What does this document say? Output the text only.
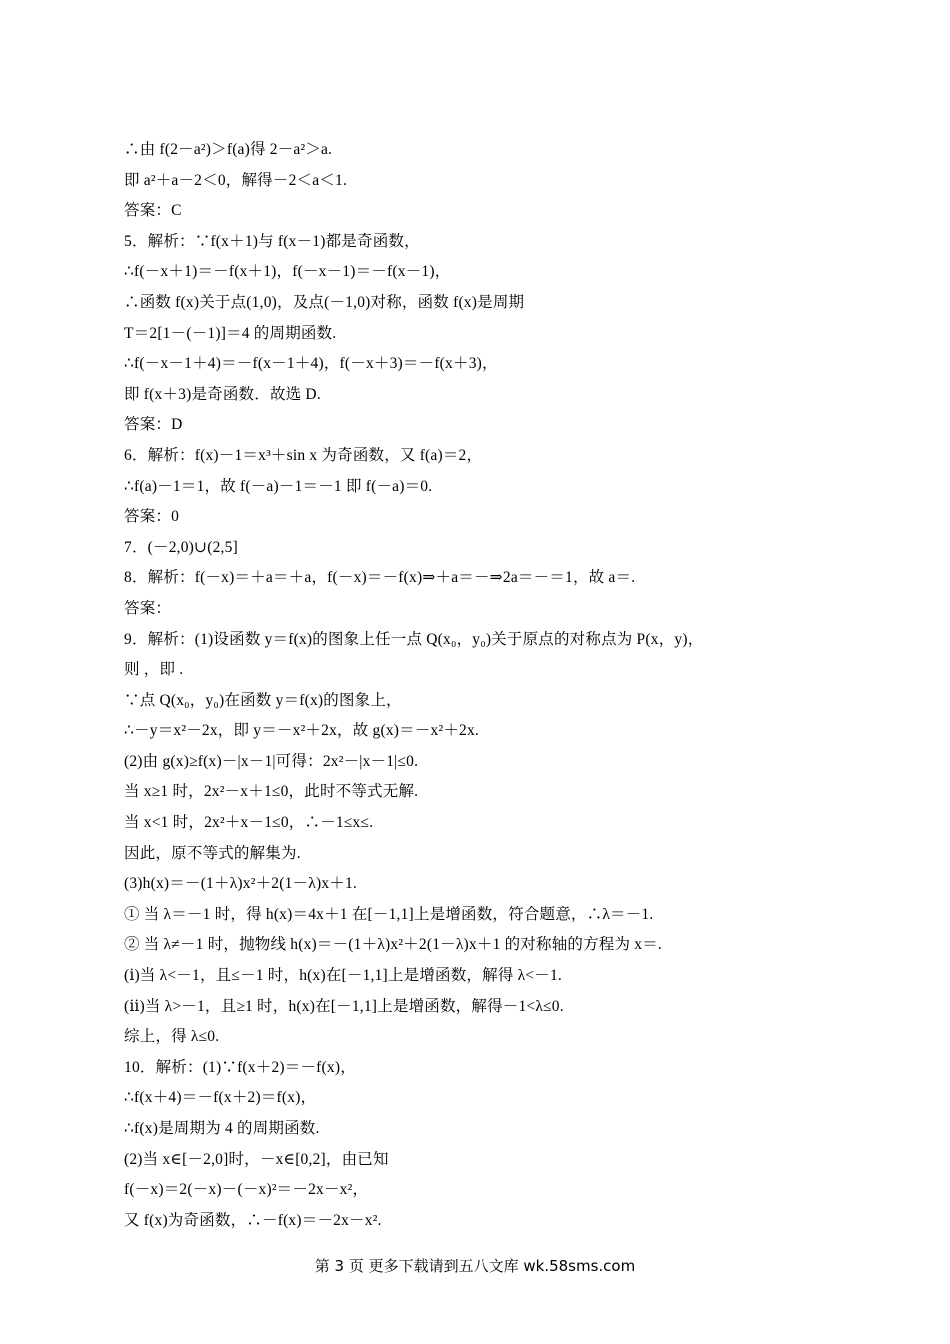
∴由 f(2－a²)＞f(a)得 2－a²＞a.
即 a²＋a－2＜0，解得－2＜a＜1.
答案：C
5．解析：∵f(x＋1)与 f(x－1)都是奇函数，
∴f(－x＋1)＝－f(x＋1)，f(－x－1)＝－f(x－1)，
∴函数 f(x)关于点(1,0)，及点(－1,0)对称，函数 f(x)是周期
T＝2[1－(－1)]＝4 的周期函数.
∴f(－x－1＋4)＝－f(x－1＋4)，f(－x＋3)＝－f(x＋3)，
即 f(x＋3)是奇函数．故选 D.
答案：D
6．解析：f(x)－1＝x³＋sin x 为奇函数，又 f(a)＝2，
∴f(a)－1＝1，故 f(－a)－1＝－1 即 f(－a)＝0.
答案：0
7．(－2,0)∪(2,5]
8．解析：f(－x)＝＋a＝＋a，f(－x)＝－f(x)⇒＋a＝－⇒2a＝－＝1，故 a＝.
答案：
9．解析：(1)设函数 y＝f(x)的图象上任一点 Q(x₀，y₀)关于原点的对称点为 P(x，y)，
则 ，即 .
∵点 Q(x₀，y₀)在函数 y＝f(x)的图象上，
∴－y＝x²－2x，即 y＝－x²＋2x，故 g(x)＝－x²＋2x.
(2)由 g(x)≥f(x)－|x－1|可得：2x²－|x－1|≤0.
当 x≥1 时，2x²－x＋1≤0，此时不等式无解.
当 x<1 时，2x²＋x－1≤0，∴－1≤x≤.
因此，原不等式的解集为.
(3)h(x)＝－(1＋λ)x²＋2(1－λ)x＋1.
① 当 λ＝－1 时，得 h(x)＝4x＋1 在[－1,1]上是增函数，符合题意，∴λ＝－1.
② 当 λ≠－1 时，抛物线 h(x)＝－(1＋λ)x²＋2(1－λ)x＋1 的对称轴的方程为 x＝.
(ⅰ)当 λ<－1，且≤－1 时，h(x)在[－1,1]上是增函数，解得 λ<－1.
(ⅱ)当 λ>－1，且≥1 时，h(x)在[－1,1]上是增函数，解得－1<λ≤0.
综上，得 λ≤0.
10．解析：(1)∵f(x＋2)＝－f(x)，
∴f(x＋4)＝－f(x＋2)＝f(x)，
∴f(x)是周期为 4 的周期函数.
(2)当 x∈[－2,0]时，－x∈[0,2]，由已知
f(－x)＝2(－x)－(－x)²＝－2x－x²，
又 f(x)为奇函数，∴－f(x)＝－2x－x².
第 3 页 更多下载请到五八文库 wk.58sms.com
